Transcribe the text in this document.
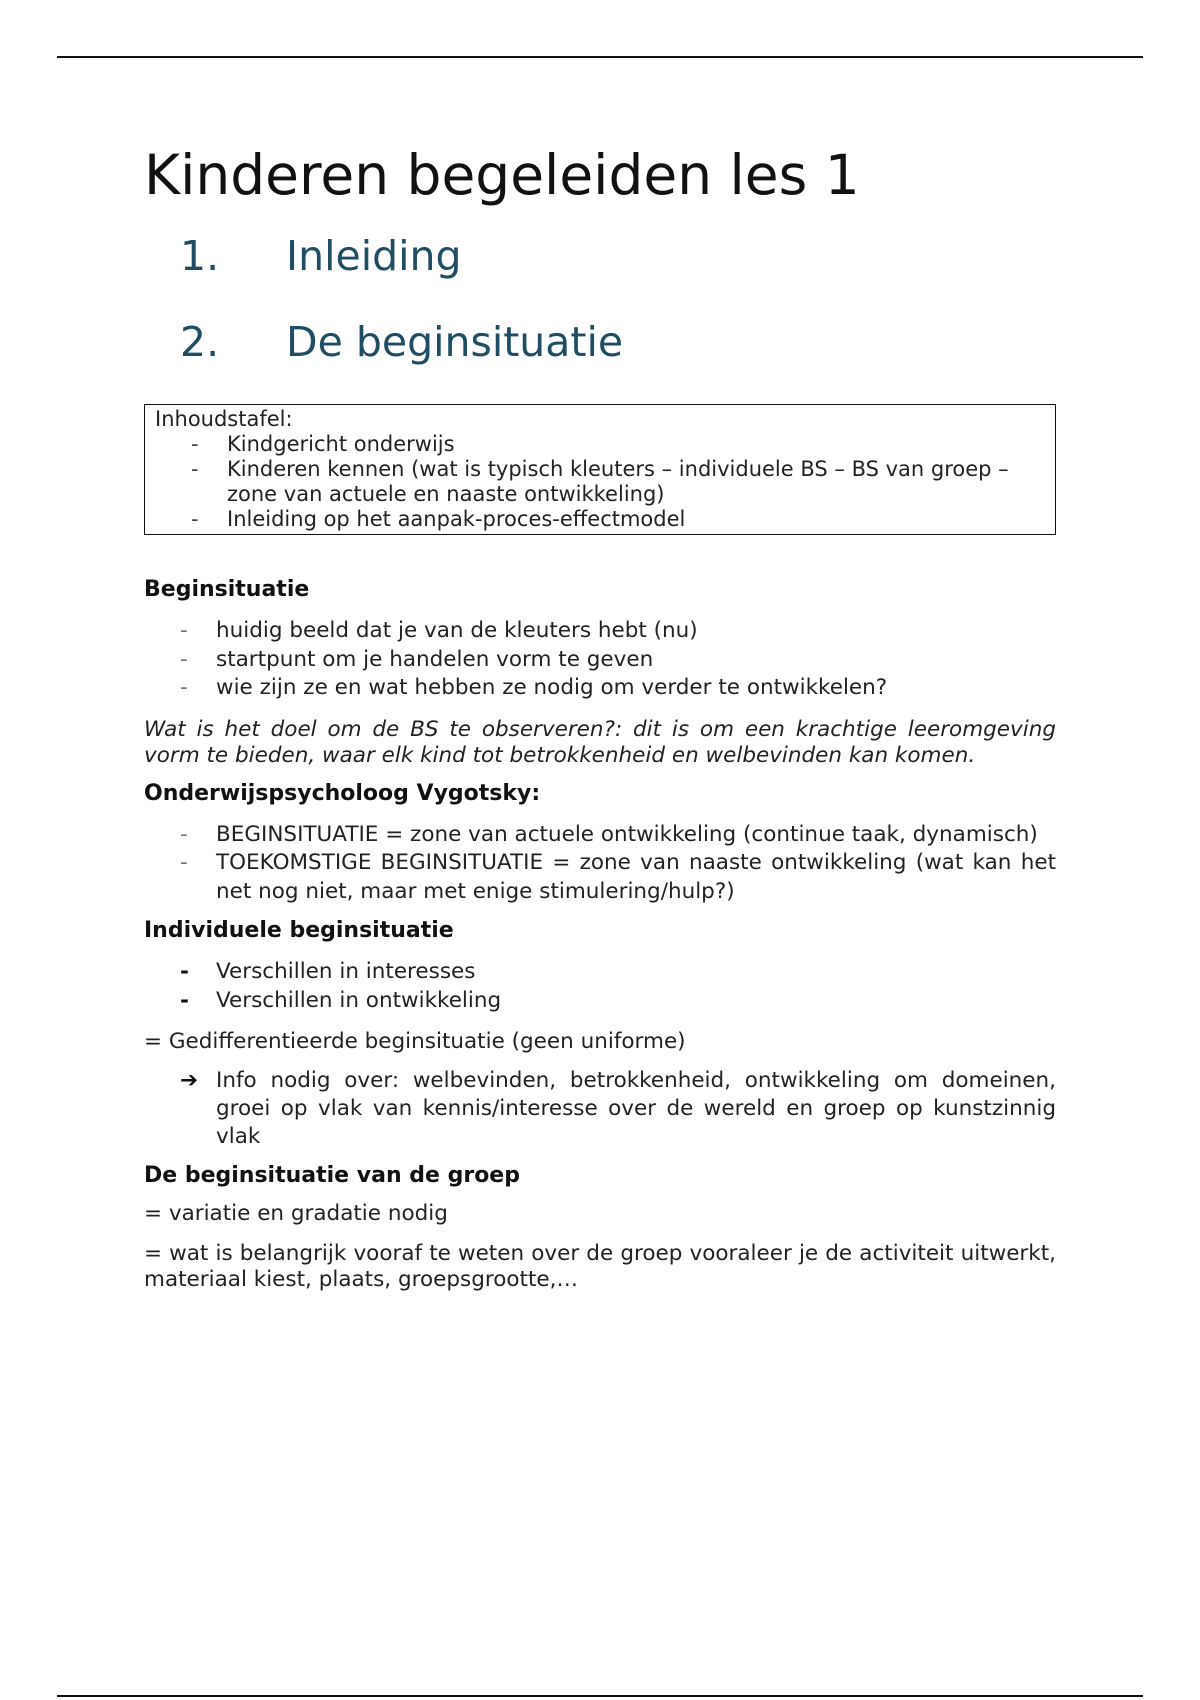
Kinderen begeleiden les 1
1. Inleiding
2. De beginsituatie
Inhoudstafel:
- Kindgericht onderwijs
- Kinderen kennen (wat is typisch kleuters – individuele BS – BS van groep – zone van actuele en naaste ontwikkeling)
- Inleiding op het aanpak-proces-effectmodel
Beginsituatie
- huidig beeld dat je van de kleuters hebt (nu)
- startpunt om je handelen vorm te geven
- wie zijn ze en wat hebben ze nodig om verder te ontwikkelen?

Wat is het doel om de BS te observeren?: dit is om een krachtige leeromgeving vorm te bieden, waar elk kind tot betrokkenheid en welbevinden kan komen.

Onderwijspsycholoog Vygotsky:
- BEGINSITUATIE = zone van actuele ontwikkeling (continue taak, dynamisch)
- TOEKOMSTIGE BEGINSITUATIE = zone van naaste ontwikkeling (wat kan het net nog niet, maar met enige stimulering/hulp?)
Individuele beginsituatie
- Verschillen in interesses
- Verschillen in ontwikkeling

= Gedifferentieerde beginsituatie (geen uniforme)

➔ Info nodig over: welbevinden, betrokkenheid, ontwikkeling om domeinen, groei op vlak van kennis/interesse over de wereld en groep op kunstzinnig vlak
De beginsituatie van de groep

= variatie en gradatie nodig

= wat is belangrijk vooraf te weten over de groep vooraleer je de activiteit uitwerkt, materiaal kiest, plaats, groepsgrootte,…
